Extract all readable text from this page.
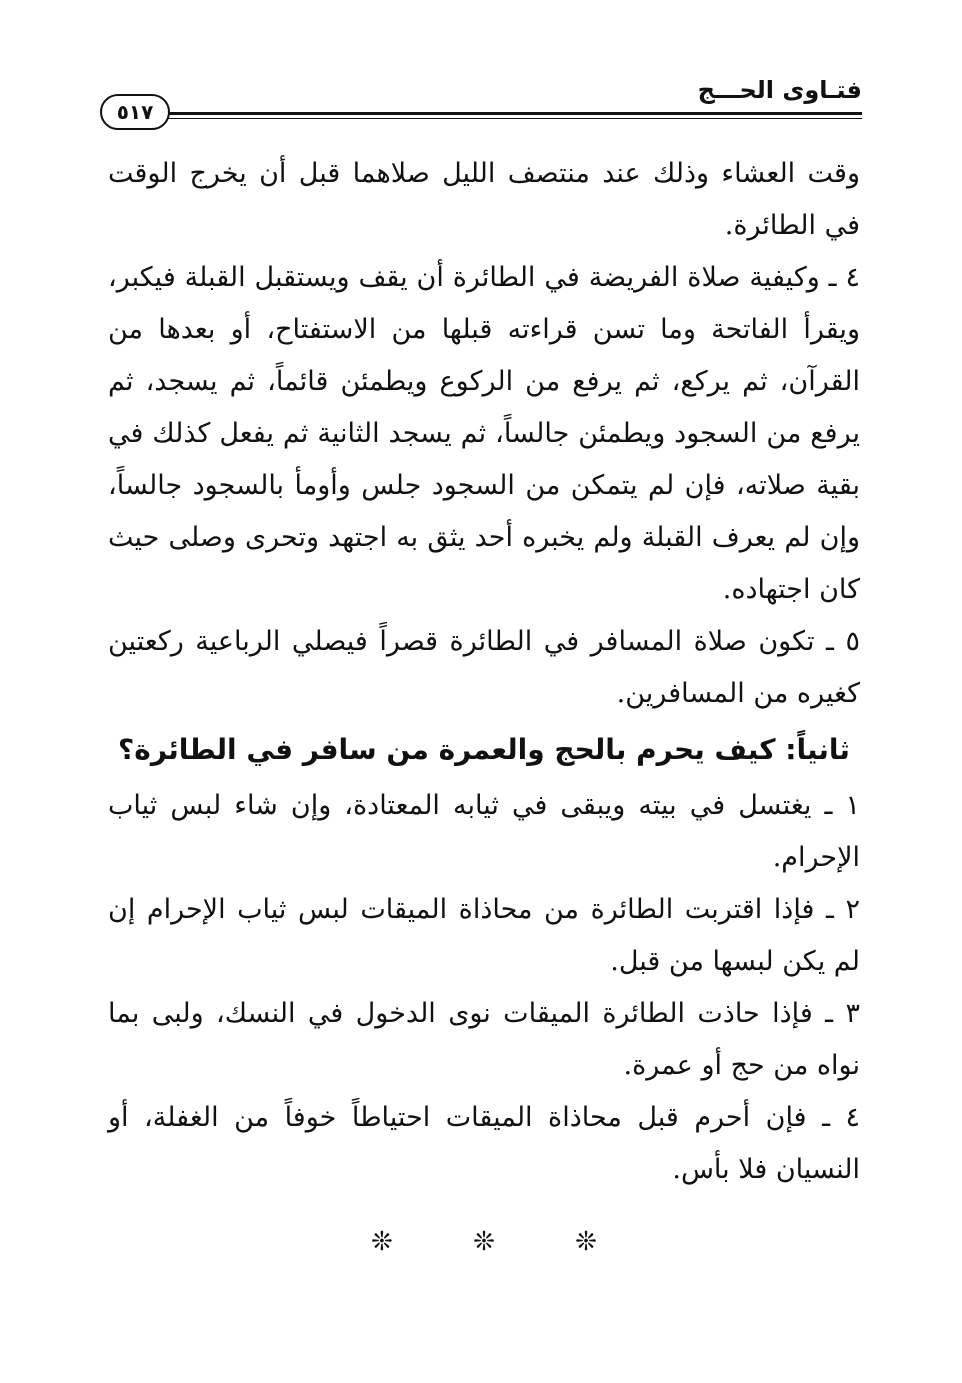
فتـاوى الحـــج
٥١٧

وقت العشاء وذلك عند منتصف الليل صلاهما قبل أن يخرج الوقت في الطائرة.

٤ ـ وكيفية صلاة الفريضة في الطائرة أن يقف ويستقبل القبلة فيكبر، ويقرأ الفاتحة وما تسن قراءته قبلها من الاستفتاح، أو بعدها من القرآن، ثم يركع، ثم يرفع من الركوع ويطمئن قائماً، ثم يسجد، ثم يرفع من السجود ويطمئن جالساً، ثم يسجد الثانية ثم يفعل كذلك في بقية صلاته، فإن لم يتمكن من السجود جلس وأومأ بالسجود جالساً، وإن لم يعرف القبلة ولم يخبره أحد يثق به اجتهد وتحرى وصلى حيث كان اجتهاده.

٥ ـ تكون صلاة المسافر في الطائرة قصراً فيصلي الرباعية ركعتين كغيره من المسافرين.

ثانياً: كيف يحرم بالحج والعمرة من سافر في الطائرة؟

١ ـ يغتسل في بيته ويبقى في ثيابه المعتادة، وإن شاء لبس ثياب الإحرام.

٢ ـ فإذا اقتربت الطائرة من محاذاة الميقات لبس ثياب الإحرام إن لم يكن لبسها من قبل.

٣ ـ فإذا حاذت الطائرة الميقات نوى الدخول في النسك، ولبى بما نواه من حج أو عمرة.

٤ ـ فإن أحرم قبل محاذاة الميقات احتياطاً خوفاً من الغفلة، أو النسيان فلا بأس.

❊ ❊ ❊
